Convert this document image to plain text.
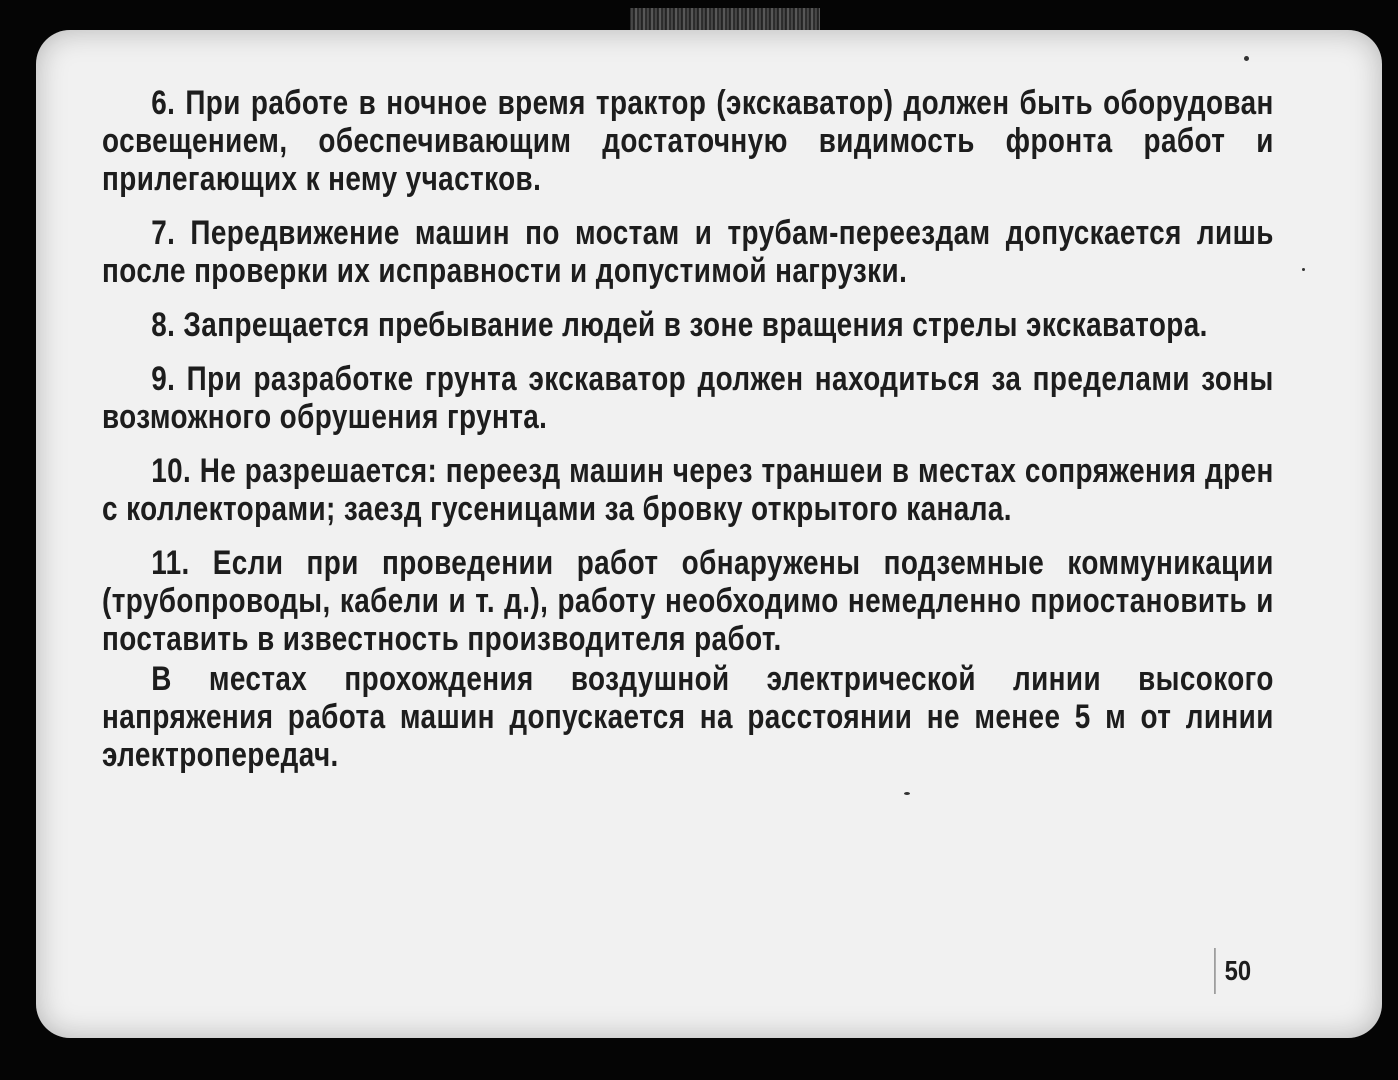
6. При работе в ночное время трактор (экскаватор) должен быть оборудован освещением, обеспечивающим достаточную видимость фронта работ и прилегающих к нему участков.

7. Передвижение машин по мостам и трубам-переездам допускается лишь после проверки их исправности и допустимой нагрузки.

8. Запрещается пребывание людей в зоне вращения стрелы экскаватора.

9. При разработке грунта экскаватор должен находиться за пределами зоны возможного обрушения грунта.

10. Не разрешается: переезд машин через траншеи в местах сопряжения дрен с коллекторами; заезд гусеницами за бровку открытого канала.

11. Если при проведении работ обнаружены подземные коммуникации (трубопроводы, кабели и т. д.), работу необходимо немедленно приостановить и поставить в известность производителя работ.

В местах прохождения воздушной электрической линии высокого напряжения работа машин допускается на расстоянии не менее 5 м от линии электропередач.

50
